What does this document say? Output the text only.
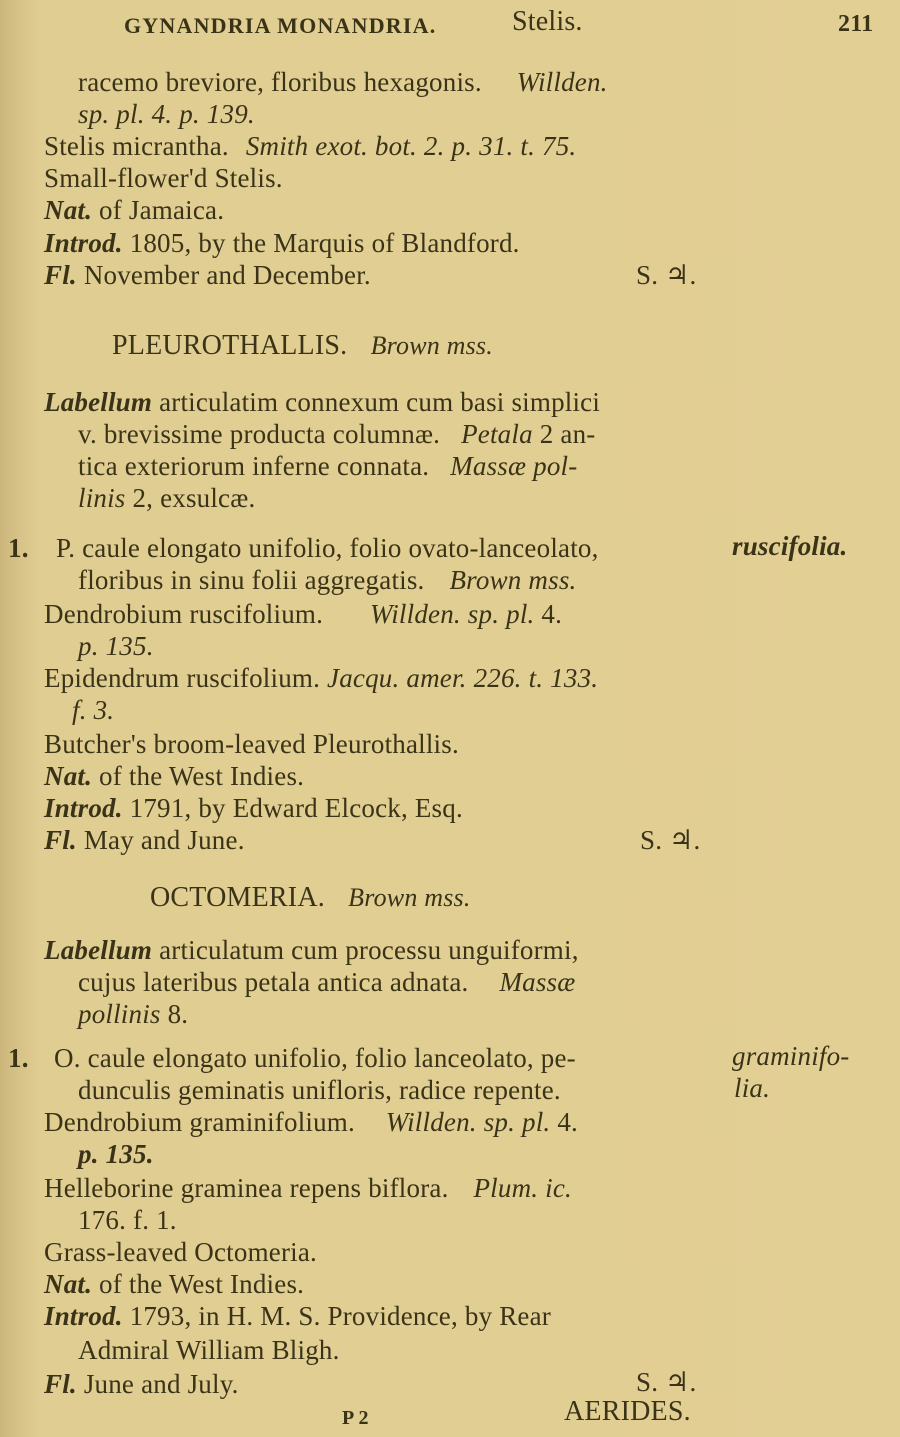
GYNANDRIA MONANDRIA.	Stelis.	211
racemo breviore, floribus hexagonis. Willden.
sp. pl. 4. p. 139.
Stelis micrantha. Smith exot. bot. 2. p. 31. t. 75.
Small-flower'd Stelis.
Nat. of Jamaica.
Introd. 1805, by the Marquis of Blandford.
Fl. November and December.	S. ♃.
PLEUROTHALLIS. Brown mss.
Labellum articulatim connexum cum basi simplici
v. brevissime producta columnæ. Petala 2 an-
tica exteriorum inferne connata. Massæ pol-
linis 2, exsulcæ.
1. P. caule elongato unifolio, folio ovato-lanceolato,	ruscifolia.
floribus in sinu folii aggregatis. Brown mss.
Dendrobium ruscifolium. Willden. sp. pl. 4.
p. 135.
Epidendrum ruscifolium. Jacqu. amer. 226. t. 133.
f. 3.
Butcher's broom-leaved Pleurothallis.
Nat. of the West Indies.
Introd. 1791, by Edward Elcock, Esq.
Fl. May and June.	S. ♃.
OCTOMERIA. Brown mss.
Labellum articulatum cum processu unguiformi,
cujus lateribus petala antica adnata. Massæ
pollinis 8.
1. O. caule elongato unifolio, folio lanceolato, pe-	graminifo-
dunculis geminatis unifloris, radice repente.	lia.
Dendrobium graminifolium. Willden. sp. pl. 4.
p. 135.
Helleborine graminea repens biflora. Plum. ic.
176. f. 1.
Grass-leaved Octomeria.
Nat. of the West Indies.
Introd. 1793, in H. M. S. Providence, by Rear
Admiral William Bligh.
Fl. June and July.	S. ♃.
P 2	AERIDES.
